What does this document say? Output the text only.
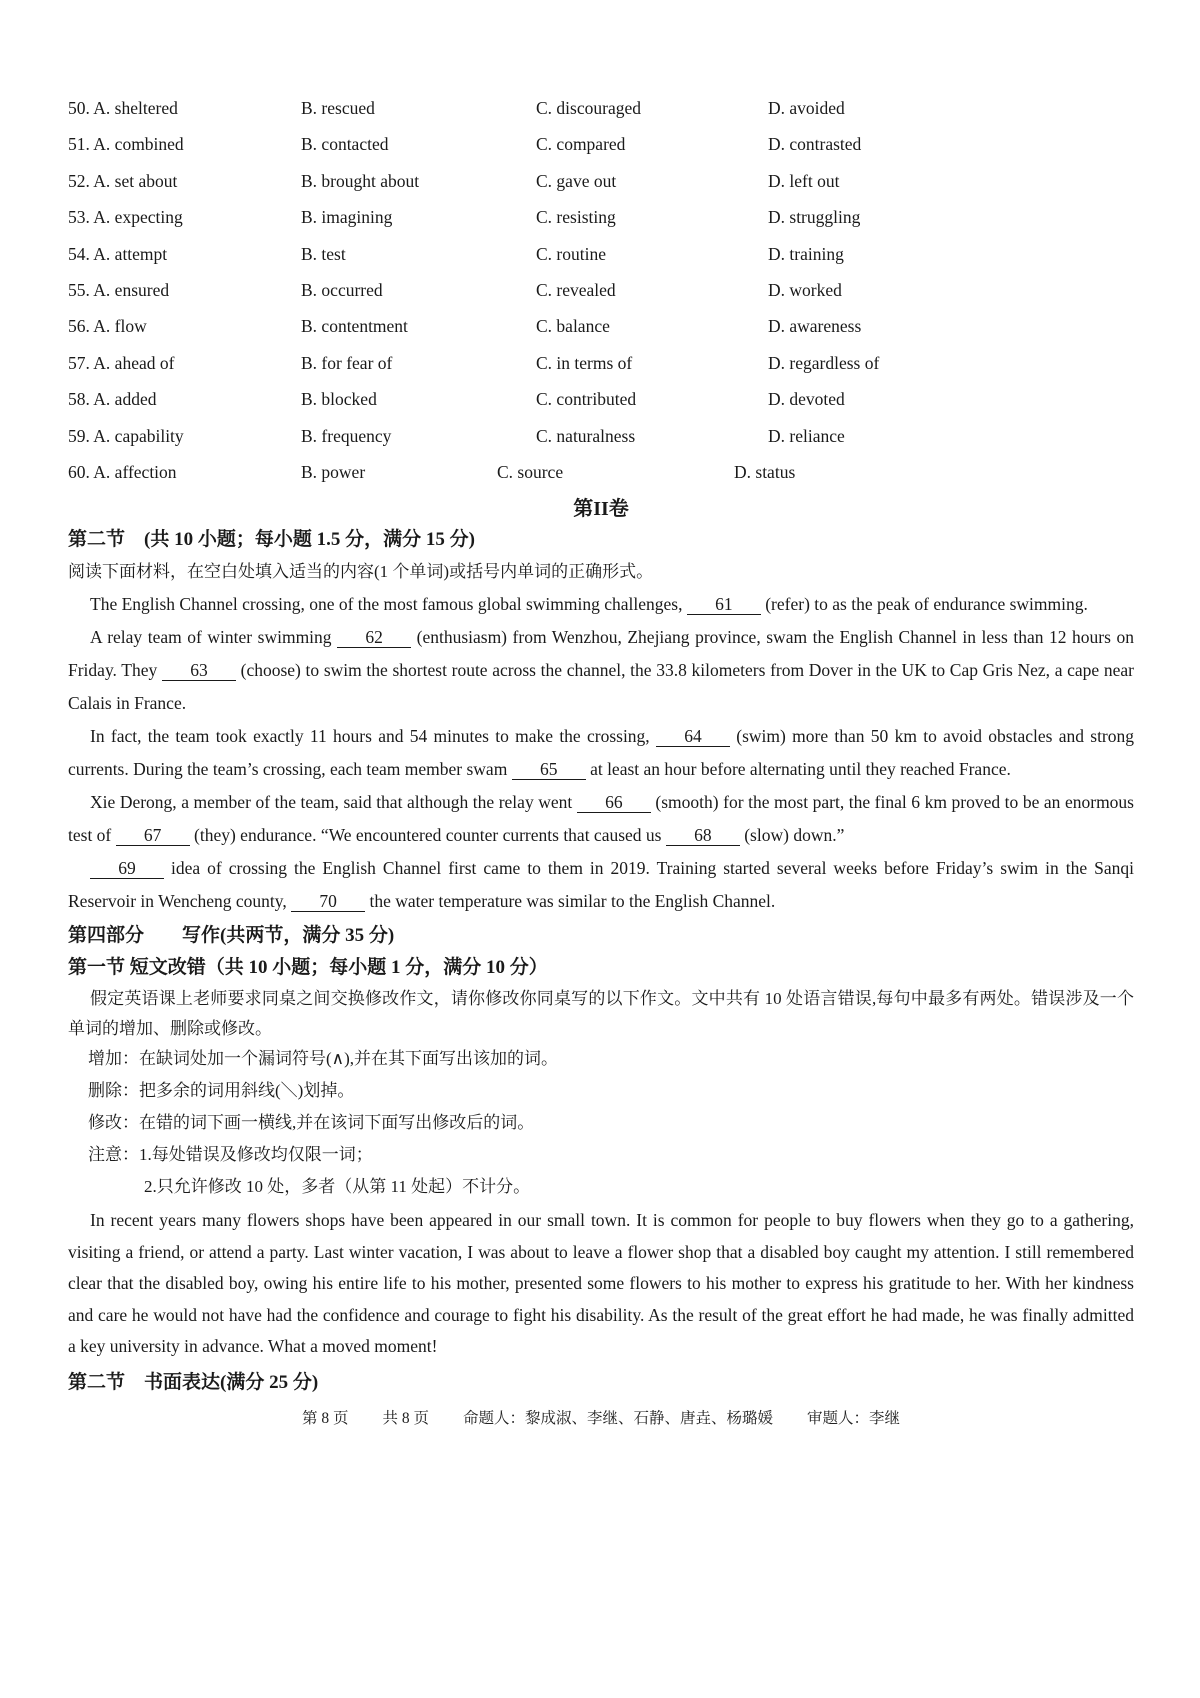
50. A. sheltered	B. rescued	C. discouraged	D. avoided
51. A. combined	B. contacted	C. compared	D. contrasted
52. A. set about	B. brought about	C. gave out	D. left out
53. A. expecting	B. imagining	C. resisting	D. struggling
54. A. attempt	B. test	C. routine	D. training
55. A. ensured	B. occurred	C. revealed	D. worked
56. A. flow	B. contentment	C. balance	D. awareness
57. A. ahead of	B. for fear of	C. in terms of	D. regardless of
58. A. added	B. blocked	C. contributed	D. devoted
59. A. capability	B. frequency	C. naturalness	D. reliance
60. A. affection	B. power	C. source	D. status
第II卷
第二节　(共 10 小题；每小题 1.5 分，满分 15 分)

阅读下面材料，在空白处填入适当的内容(1 个单词)或括号内单词的正确形式。

The English Channel crossing, one of the most famous global swimming challenges, 61 (refer) to as the peak of endurance swimming.

A relay team of winter swimming 62 (enthusiasm) from Wenzhou, Zhejiang province, swam the English Channel in less than 12 hours on Friday. They 63 (choose) to swim the shortest route across the channel, the 33.8 kilometers from Dover in the UK to Cap Gris Nez, a cape near Calais in France.

In fact, the team took exactly 11 hours and 54 minutes to make the crossing, 64 (swim) more than 50 km to avoid obstacles and strong currents. During the team’s crossing, each team member swam 65 at least an hour before alternating until they reached France.

Xie Derong, a member of the team, said that although the relay went 66 (smooth) for the most part, the final 6 km proved to be an enormous test of 67 (they) endurance. “We encountered counter currents that caused us 68 (slow) down.”

69 idea of crossing the English Channel first came to them in 2019. Training started several weeks before Friday’s swim in the Sanqi Reservoir in Wencheng county, 70 the water temperature was similar to the English Channel.

第四部分　　写作(共两节，满分 35 分)
第一节 短文改错（共 10 小题；每小题 1 分，满分 10 分）

假定英语课上老师要求同桌之间交换修改作文，请你修改你同桌写的以下作文。文中共有 10 处语言错误,每句中最多有两处。错误涉及一个单词的增加、删除或修改。

增加：在缺词处加一个漏词符号(∧),并在其下面写出该加的词。

删除：把多余的词用斜线(＼)划掉。

修改：在错的词下画一横线,并在该词下面写出修改后的词。

注意：1.每处错误及修改均仅限一词；

2.只允许修改 10 处，多者（从第 11 处起）不计分。

In recent years many flowers shops have been appeared in our small town. It is common for people to buy flowers when they go to a gathering, visiting a friend, or attend a party. Last winter vacation, I was about to leave a flower shop that a disabled boy caught my attention. I still remembered clear that the disabled boy, owing his entire life to his mother, presented some flowers to his mother to express his gratitude to her. With her kindness and care he would not have had the confidence and courage to fight his disability. As the result of the great effort he had made, he was finally admitted a key university in advance. What a moved moment!

第二节　书面表达(满分 25 分)
第 8 页 共 8 页 命题人：黎成淑、李继、石静、唐垚、杨璐媛 审题人：李继
